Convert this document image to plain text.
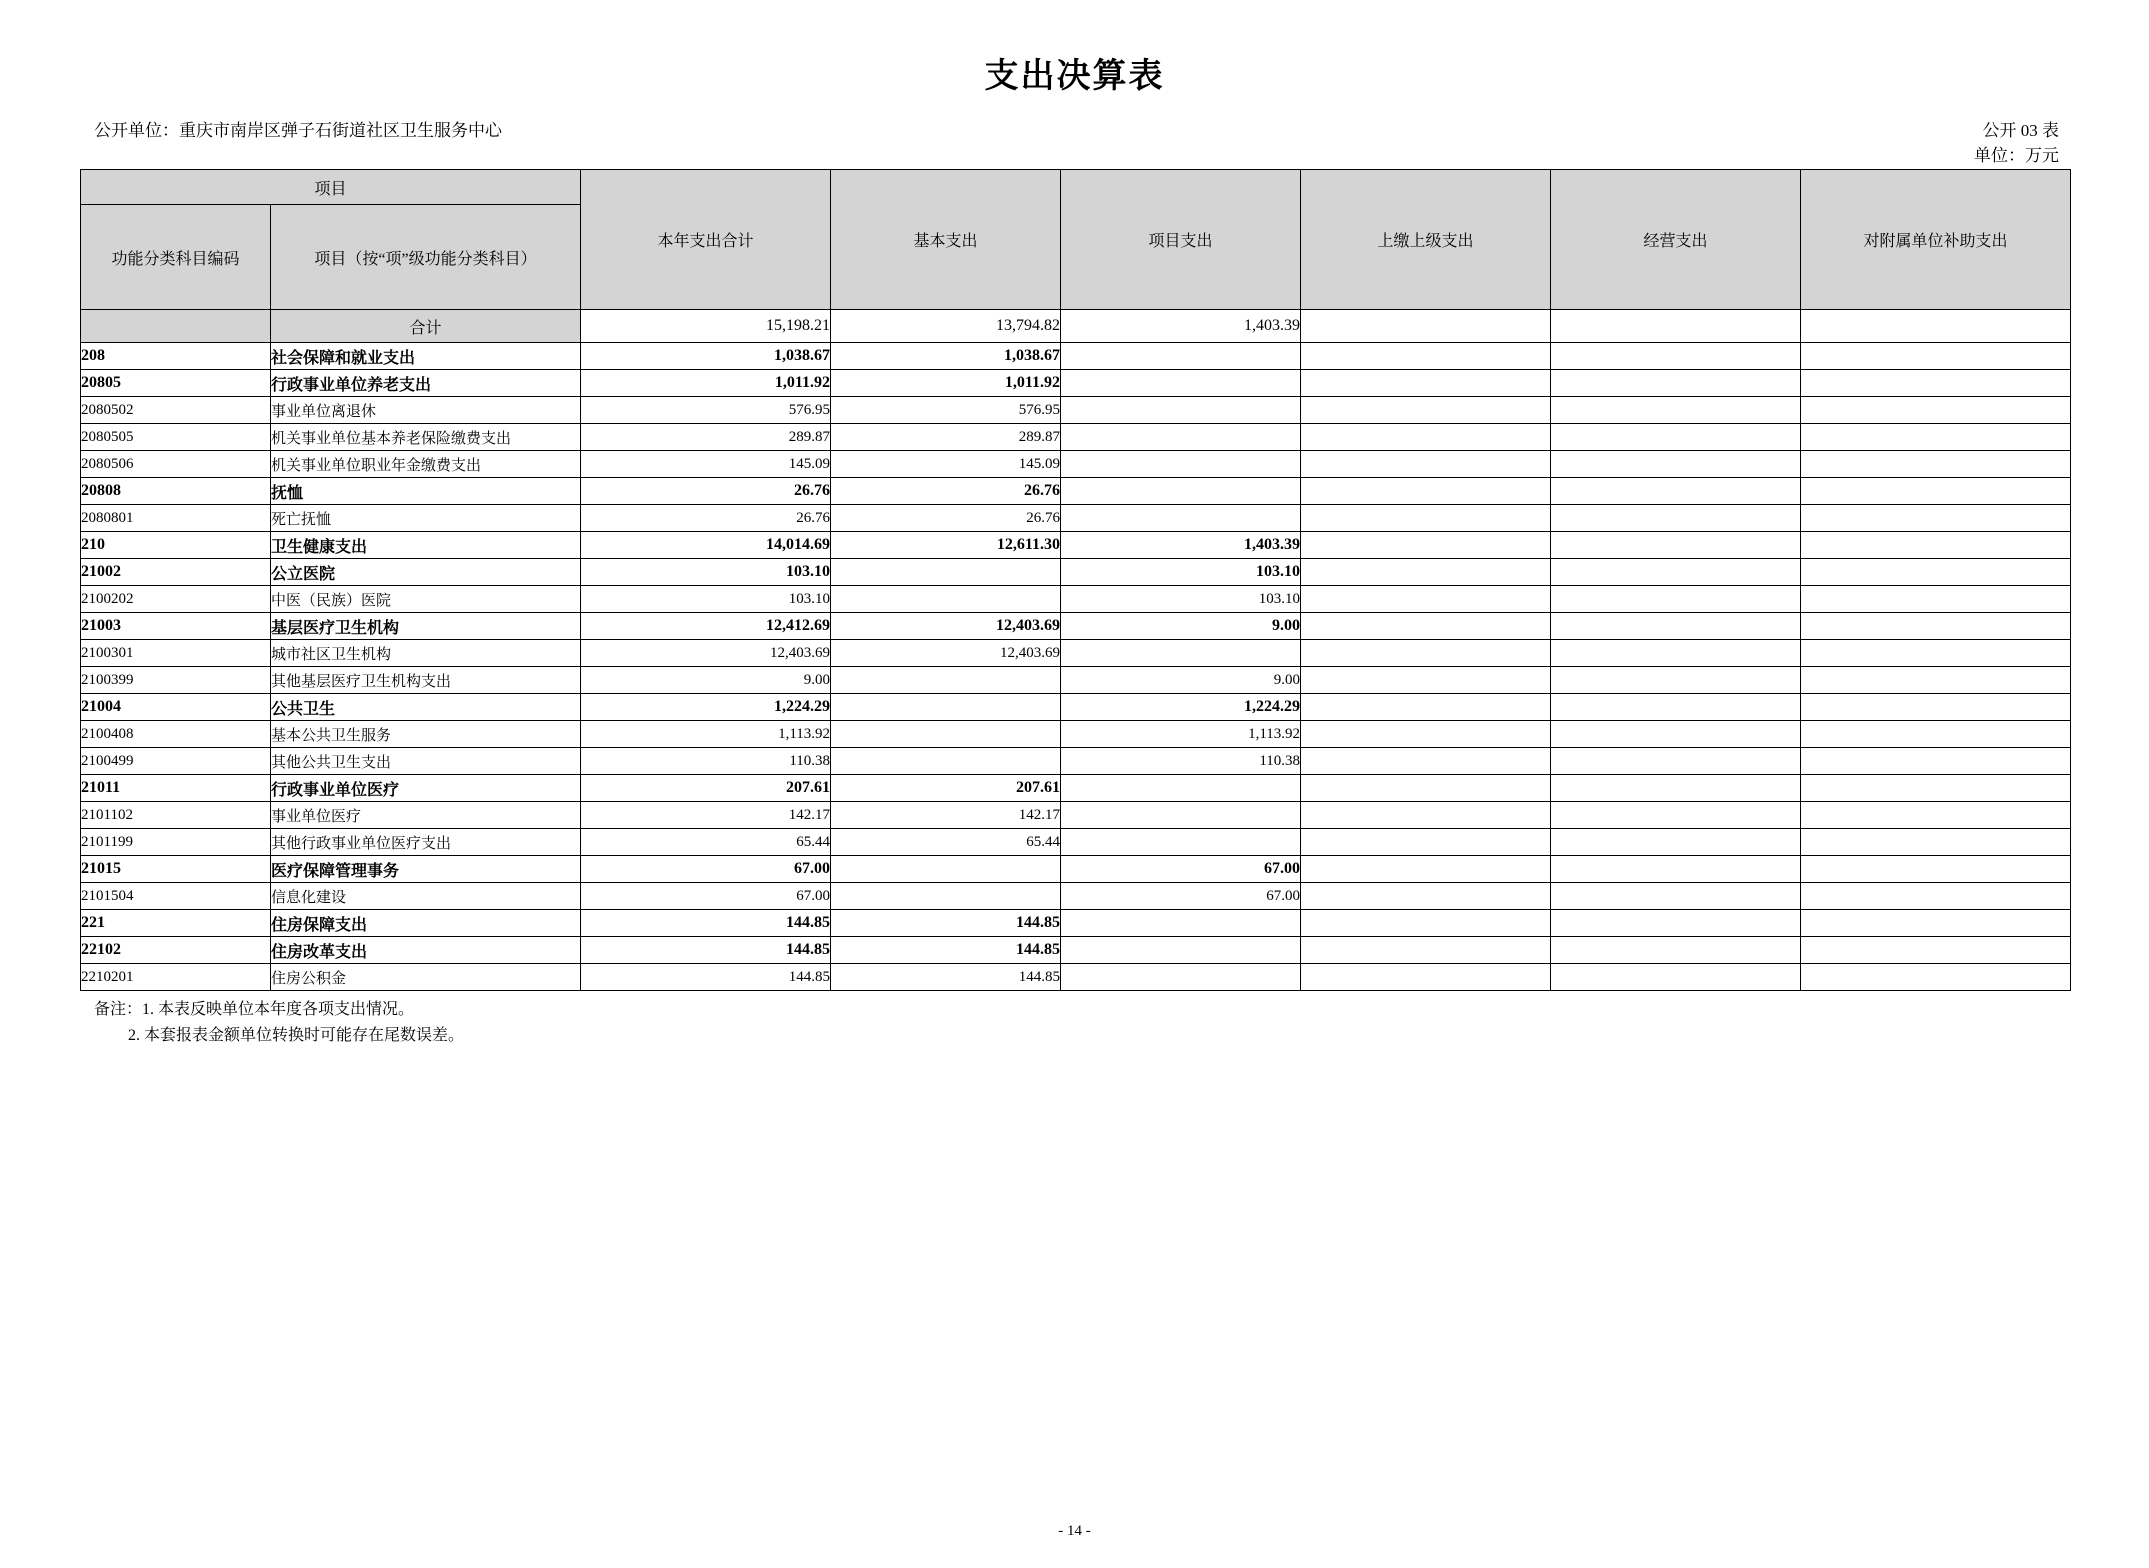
支出决算表
公开单位：重庆市南岸区弹子石街道社区卫生服务中心	公开 03 表
单位：万元
项目		本年支出合计	基本支出	项目支出	上缴上级支出	经营支出	对附属单位补助支出
功能分类科目编码	项目（按“项”级功能分类科目）						
	合计	15,198.21	13,794.82	1,403.39			
208	社会保障和就业支出	1,038.67	1,038.67				
20805	行政事业单位养老支出	1,011.92	1,011.92				
2080502	事业单位离退休	576.95	576.95				
2080505	机关事业单位基本养老保险缴费支出	289.87	289.87				
2080506	机关事业单位职业年金缴费支出	145.09	145.09				
20808	抚恤	26.76	26.76				
2080801	死亡抚恤	26.76	26.76				
210	卫生健康支出	14,014.69	12,611.30	1,403.39			
21002	公立医院	103.10		103.10			
2100202	中医（民族）医院	103.10		103.10			
21003	基层医疗卫生机构	12,412.69	12,403.69	9.00			
2100301	城市社区卫生机构	12,403.69	12,403.69				
2100399	其他基层医疗卫生机构支出	9.00		9.00			
21004	公共卫生	1,224.29		1,224.29			
2100408	基本公共卫生服务	1,113.92		1,113.92			
2100499	其他公共卫生支出	110.38		110.38			
21011	行政事业单位医疗	207.61	207.61				
2101102	事业单位医疗	142.17	142.17				
2101199	其他行政事业单位医疗支出	65.44	65.44				
21015	医疗保障管理事务	67.00		67.00			
2101504	信息化建设	67.00		67.00			
221	住房保障支出	144.85	144.85				
22102	住房改革支出	144.85	144.85				
2210201	住房公积金	144.85	144.85				
备注：1. 本表反映单位本年度各项支出情况。
2. 本套报表金额单位转换时可能存在尾数误差。
- 14 -
